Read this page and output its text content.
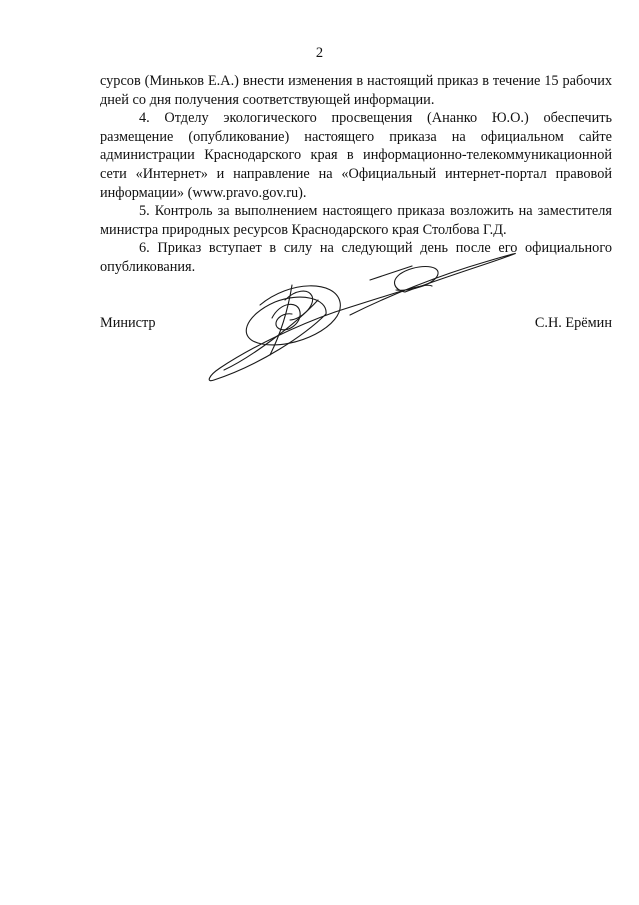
2

сурсов (Миньков Е.А.) внести изменения в настоящий приказ в течение 15 рабочих дней со дня получения соответствующей информации.

4. Отделу экологического просвещения (Ананко Ю.О.) обеспечить размещение (опубликование) настоящего приказа на официальном сайте администрации Краснодарского края в информационно-телекоммуникационной сети «Интернет» и направление на «Официальный интернет-портал правовой информации» (www.pravo.gov.ru).

5. Контроль за выполнением настоящего приказа возложить на заместителя министра природных ресурсов Краснодарского края Столбова Г.Д.

6. Приказ вступает в силу на следующий день после его официального опубликования.

Министр	С.Н. Ерёмин
